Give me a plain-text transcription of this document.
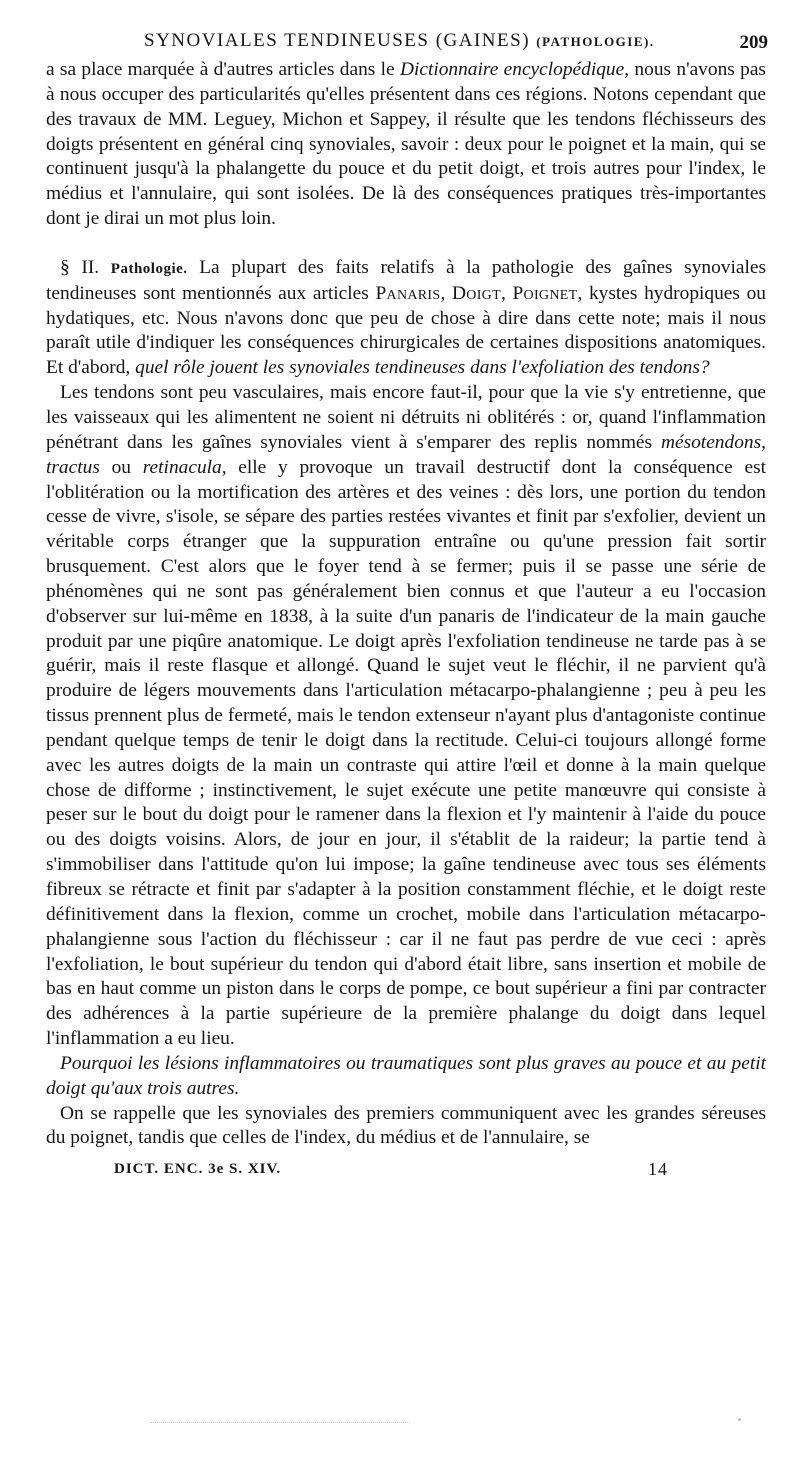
SYNOVIALES TENDINEUSES (GAINES) (PATHOLOGIE).	209

a sa place marquée à d'autres articles dans le Dictionnaire encyclopédique, nous n'avons pas à nous occuper des particularités qu'elles présentent dans ces régions. Notons cependant que des travaux de MM. Leguey, Michon et Sappey, il résulte que les tendons fléchisseurs des doigts présentent en général cinq synoviales, savoir : deux pour le poignet et la main, qui se continuent jusqu'à la phalangette du pouce et du petit doigt, et trois autres pour l'index, le médius et l'annulaire, qui sont isolées. De là des conséquences pratiques très-importantes dont je dirai un mot plus loin.

§ II. Pathologie. La plupart des faits relatifs à la pathologie des gaînes synoviales tendineuses sont mentionnés aux articles Panaris, Doigt, Poignet, kystes hydropiques ou hydatiques, etc. Nous n'avons donc que peu de chose à dire dans cette note; mais il nous paraît utile d'indiquer les conséquences chirurgicales de certaines dispositions anatomiques. Et d'abord, quel rôle jouent les synoviales tendineuses dans l'exfoliation des tendons?

Les tendons sont peu vasculaires, mais encore faut-il, pour que la vie s'y entretienne, que les vaisseaux qui les alimentent ne soient ni détruits ni oblitérés : or, quand l'inflammation pénétrant dans les gaînes synoviales vient à s'emparer des replis nommés mésotendons, tractus ou retinacula, elle y provoque un travail destructif dont la conséquence est l'oblitération ou la mortification des artères et des veines : dès lors, une portion du tendon cesse de vivre, s'isole, se sépare des parties restées vivantes et finit par s'exfolier, devient un véritable corps étranger que la suppuration entraîne ou qu'une pression fait sortir brusquement. C'est alors que le foyer tend à se fermer; puis il se passe une série de phénomènes qui ne sont pas généralement bien connus et que l'auteur a eu l'occasion d'observer sur lui-même en 1838, à la suite d'un panaris de l'indicateur de la main gauche produit par une piqûre anatomique. Le doigt après l'exfoliation tendineuse ne tarde pas à se guérir, mais il reste flasque et allongé. Quand le sujet veut le fléchir, il ne parvient qu'à produire de légers mouvements dans l'articulation métacarpo-phalangienne ; peu à peu les tissus prennent plus de fermeté, mais le tendon extenseur n'ayant plus d'antagoniste continue pendant quelque temps de tenir le doigt dans la rectitude. Celui-ci toujours allongé forme avec les autres doigts de la main un contraste qui attire l'œil et donne à la main quelque chose de difforme ; instinctivement, le sujet exécute une petite manœuvre qui consiste à peser sur le bout du doigt pour le ramener dans la flexion et l'y maintenir à l'aide du pouce ou des doigts voisins. Alors, de jour en jour, il s'établit de la raideur; la partie tend à s'immobiliser dans l'attitude qu'on lui impose; la gaîne tendineuse avec tous ses éléments fibreux se rétracte et finit par s'adapter à la position constamment fléchie, et le doigt reste définitivement dans la flexion, comme un crochet, mobile dans l'articulation métacarpo-phalangienne sous l'action du fléchisseur : car il ne faut pas perdre de vue ceci : après l'exfoliation, le bout supérieur du tendon qui d'abord était libre, sans insertion et mobile de bas en haut comme un piston dans le corps de pompe, ce bout supérieur a fini par contracter des adhérences à la partie supérieure de la première phalange du doigt dans lequel l'inflammation a eu lieu.

Pourquoi les lésions inflammatoires ou traumatiques sont plus graves au pouce et au petit doigt qu'aux trois autres.

On se rappelle que les synoviales des premiers communiquent avec les grandes séreuses du poignet, tandis que celles de l'index, du médius et de l'annulaire, se

DICT. ENC. 3e S. XIV.	14
